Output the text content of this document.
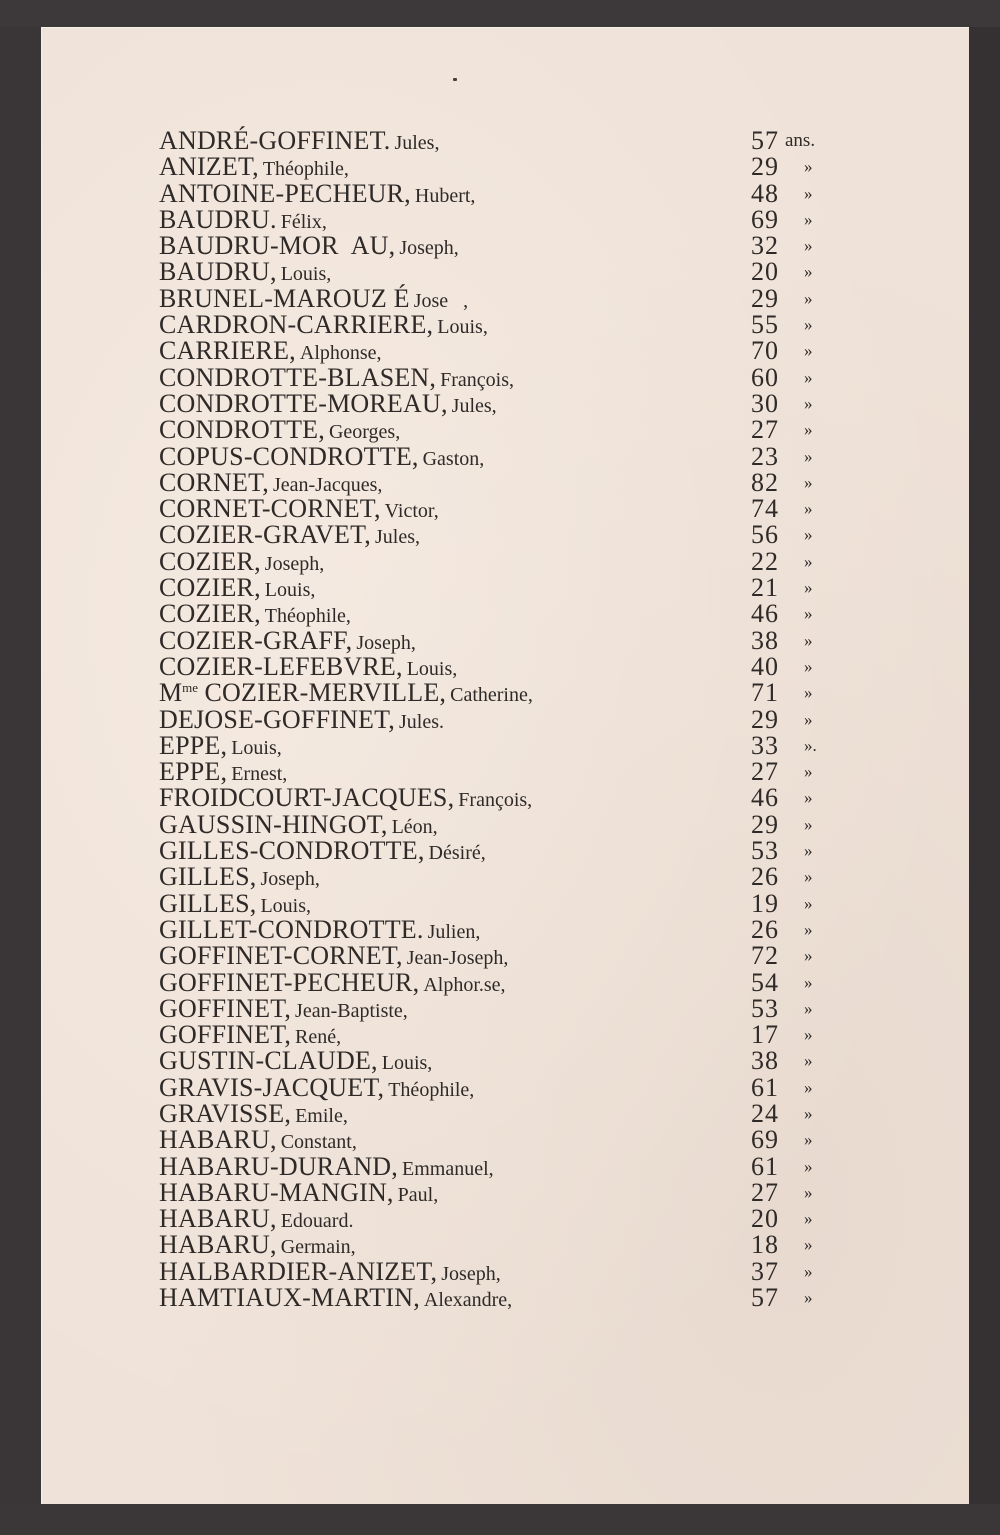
ANDRÉ-GOFFINET. Jules,	57 ans.
ANIZET, Théophile,	29 »
ANTOINE-PECHEUR, Hubert,	48 »
BAUDRU. Félix,	69 »
BAUDRU-MOR  AU, Joseph,	32 »
BAUDRU, Louis,	20 »
BRUNEL-MAROUZ É Jose   ,	29 »
CARDRON-CARRIERE, Louis,	55 »
CARRIERE, Alphonse,	70 »
CONDROTTE-BLASEN, François,	60 »
CONDROTTE-MOREAU, Jules,	30 »
CONDROTTE, Georges,	27 »
COPUS-CONDROTTE, Gaston,	23 »
CORNET, Jean-Jacques,	82 »
CORNET-CORNET, Victor,	74 »
COZIER-GRAVET, Jules,	56 »
COZIER, Joseph,	22 »
COZIER, Louis,	21 »
COZIER, Théophile,	46 »
COZIER-GRAFF, Joseph,	38 »
COZIER-LEFEBVRE, Louis,	40 »
$M^{me}$ COZIER-MERVILLE, Catherine,	71 »
DEJOSE-GOFFINET, Jules.	29 »
EPPE, Louis,	33 ».
EPPE, Ernest,	27 »
FROIDCOURT-JACQUES, François,	46 »
GAUSSIN-HINGOT, Léon,	29 »
GILLES-CONDROTTE, Désiré,	53 »
GILLES, Joseph,	26 »
GILLES, Louis,	19 »
GILLET-CONDROTTE. Julien,	26 »
GOFFINET-CORNET, Jean-Joseph,	72 »
GOFFINET-PECHEUR, Alphor.se,	54 »
GOFFINET, Jean-Baptiste,	53 »
GOFFINET, René,	17 »
GUSTIN-CLAUDE, Louis,	38 »
GRAVIS-JACQUET, Théophile,	61 »
GRAVISSE, Emile,	24 »
HABARU, Constant,	69 »
HABARU-DURAND, Emmanuel,	61 »
HABARU-MANGIN, Paul,	27 »
HABARU, Edouard.	20 »
HABARU, Germain,	18 »
HALBARDIER-ANIZET, Joseph,	37 »
HAMTIAUX-MARTIN, Alexandre,	57 »
